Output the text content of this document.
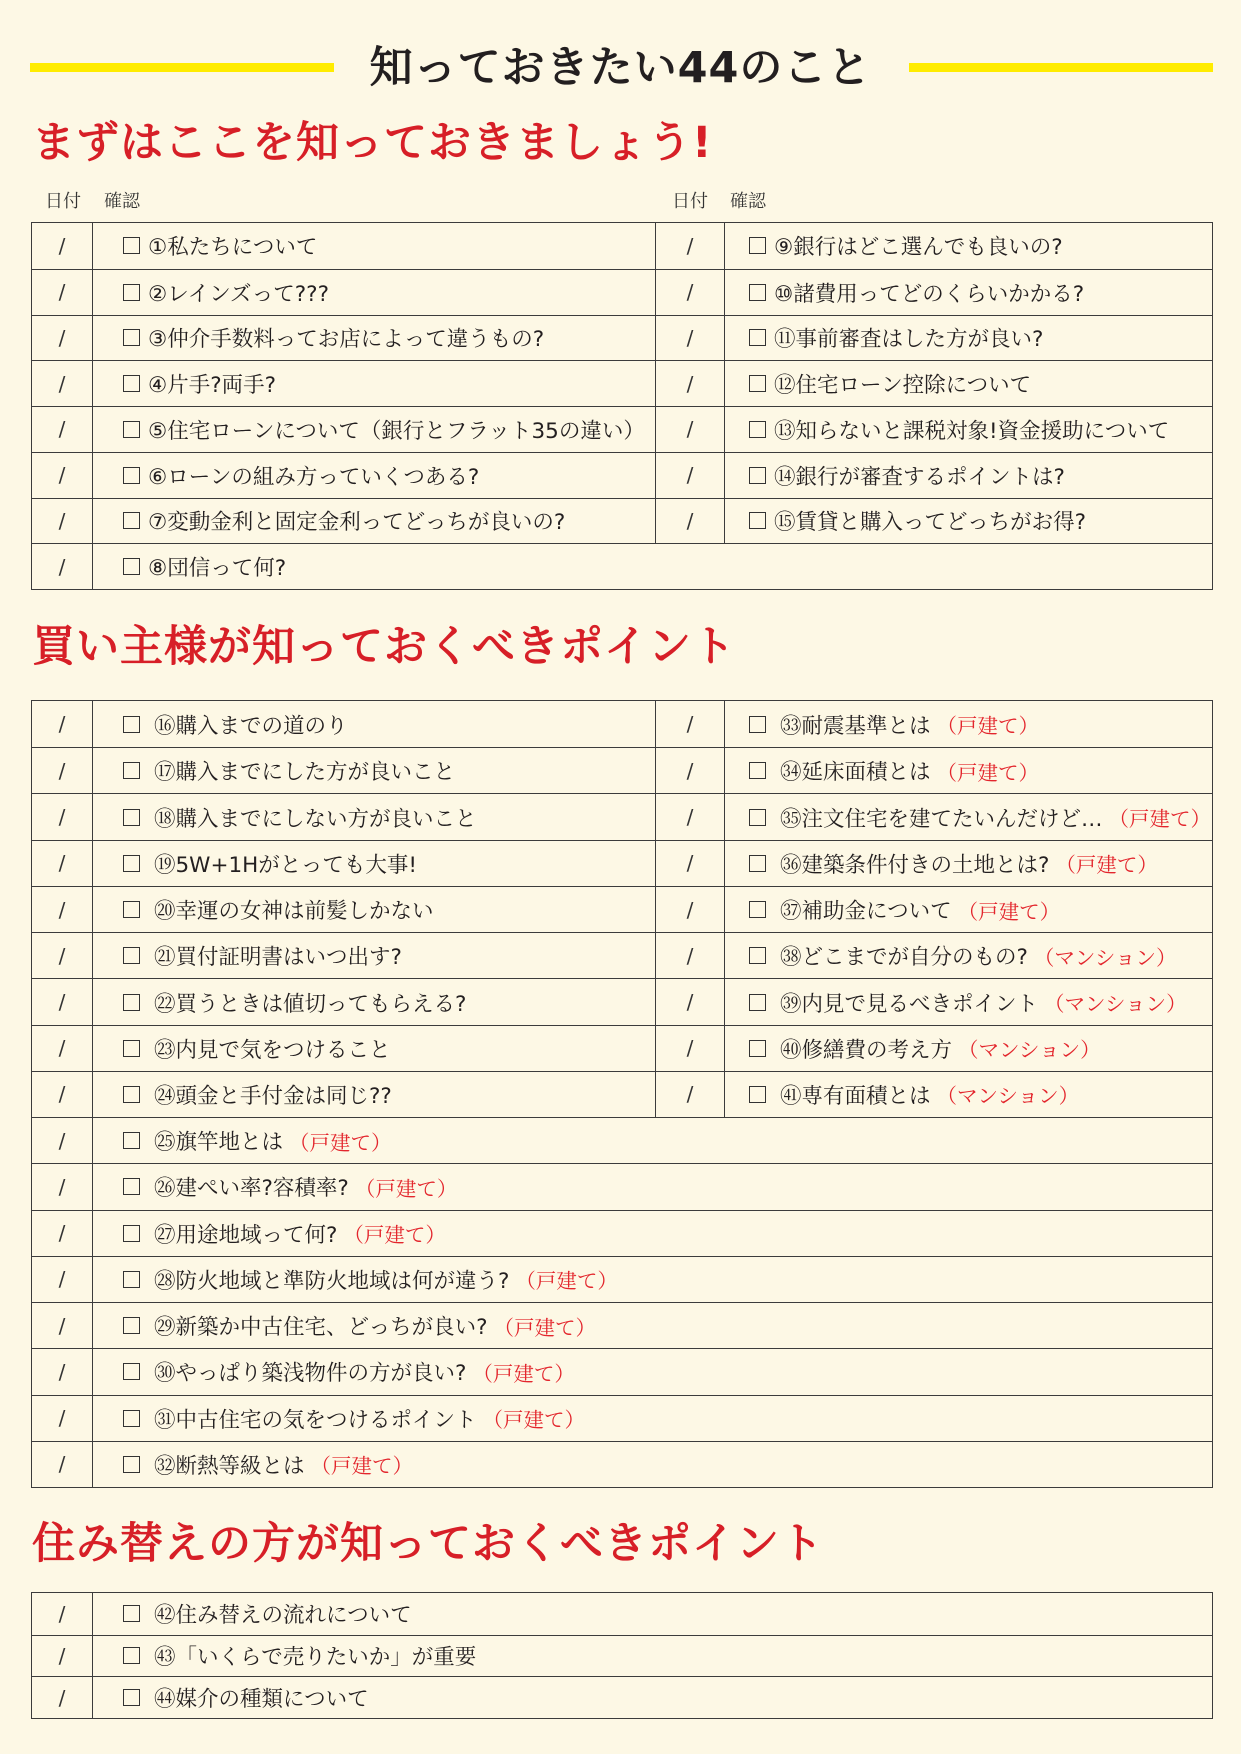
知っておきたい44のこと
まずはここを知っておきましょう!
日付 確認	日付 確認
/	①私たちについて	/	⑨銀行はどこ選んでも良いの?
/	②レインズって???	/	⑩諸費用ってどのくらいかかる?
/	③仲介手数料ってお店によって違うもの?	/	⑪事前審査はした方が良い?
/	④片手?両手?	/	⑫住宅ローン控除について
/	⑤住宅ローンについて（銀行とフラット35の違い） /	⑬知らないと課税対象!資金援助について
/	⑥ローンの組み方っていくつある?	/	⑭銀行が審査するポイントは?
/	⑦変動金利と固定金利ってどっちが良いの?	/	⑮賃貸と購入ってどっちがお得?
/	⑧団信って何?
買い主様が知っておくべきポイント
/	⑯購入までの道のり	/	㉝耐震基準とは （戸建て）
/	⑰購入までにした方が良いこと	/	㉞延床面積とは （戸建て）
/	⑱購入までにしない方が良いこと	/	㉟注文住宅を建てたいんだけど… （戸建て）
/	⑲5W+1Hがとっても大事!	/	㊱建築条件付きの土地とは? （戸建て）
/	⑳幸運の女神は前髪しかない	/	㊲補助金について （戸建て）
/	㉑買付証明書はいつ出す?	/	㊳どこまでが自分のもの? （マンション）
/	㉒買うときは値切ってもらえる?	/	㊴内見で見るべきポイント （マンション）
/	㉓内見で気をつけること	/	㊵修繕費の考え方 （マンション）
/	㉔頭金と手付金は同じ??	/	㊶専有面積とは （マンション）
/	㉕旗竿地とは （戸建て）
/	㉖建ぺい率?容積率? （戸建て）
/	㉗用途地域って何? （戸建て）
/	㉘防火地域と準防火地域は何が違う? （戸建て）
/	㉙新築か中古住宅、どっちが良い? （戸建て）
/	㉚やっぱり築浅物件の方が良い? （戸建て）
/	㉛中古住宅の気をつけるポイント （戸建て）
/	㉜断熱等級とは （戸建て）
住み替えの方が知っておくべきポイント
/	㊷住み替えの流れについて
/	㊸「いくらで売りたいか」が重要
/	㊹媒介の種類について
